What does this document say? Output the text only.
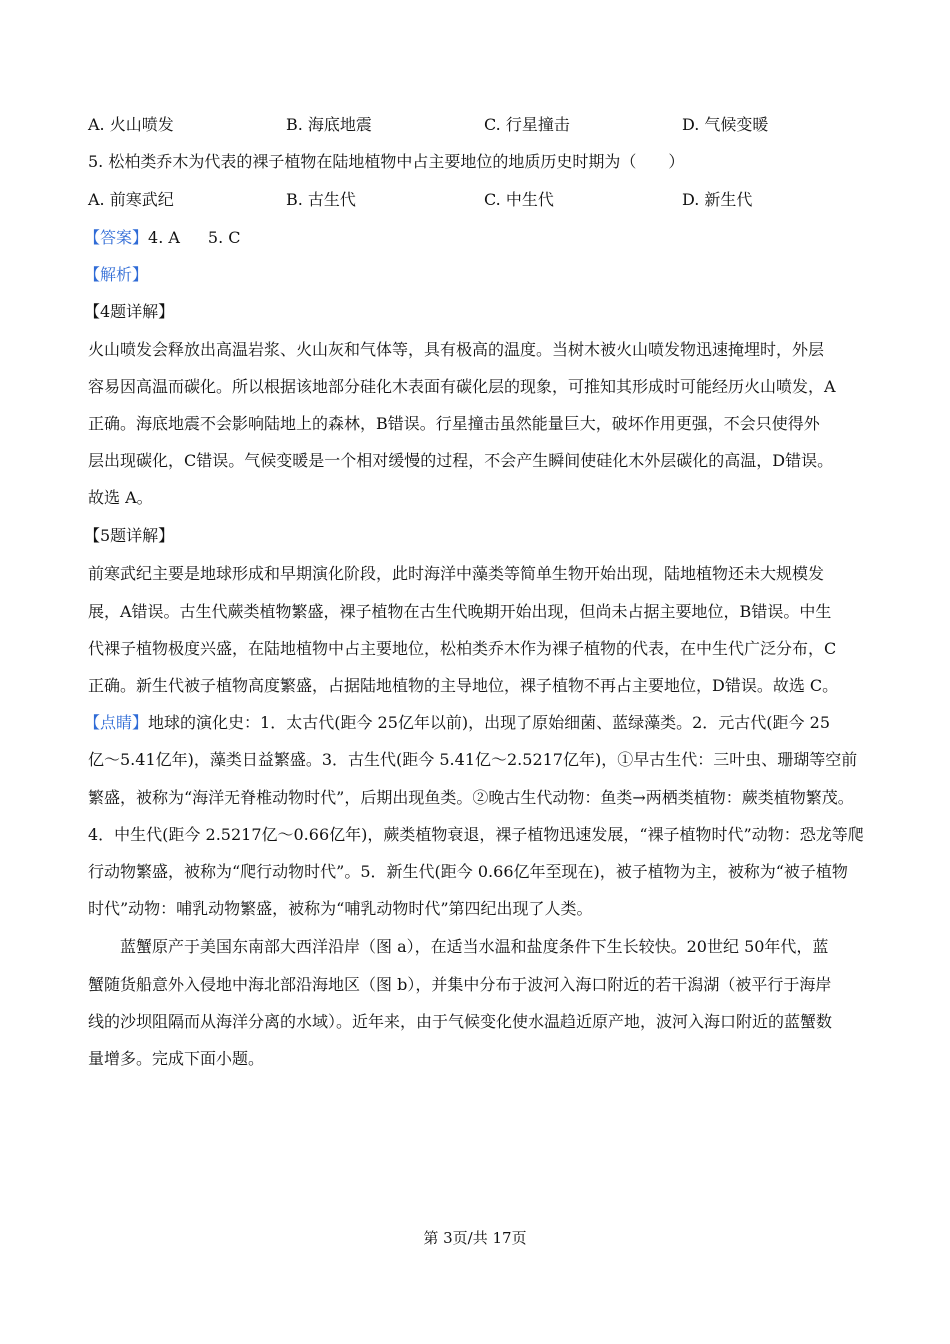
A. 火山喷发	B. 海底地震	C. 行星撞击	D. 气候变暖
5. 松柏类乔木为代表的裸子植物在陆地植物中占主要地位的地质历史时期为（　　）
A. 前寒武纪	B. 古生代	C. 中生代	D. 新生代
【答案】4. A 5. C
【解析】
【4题详解】
火山喷发会释放出高温岩浆、火山灰和气体等，具有极高的温度。当树木被火山喷发物迅速掩埋时，外层
容易因高温而碳化。所以根据该地部分硅化木表面有碳化层的现象，可推知其形成时可能经历火山喷发，A
正确。海底地震不会影响陆地上的森林，B错误。行星撞击虽然能量巨大，破坏作用更强，不会只使得外
层出现碳化，C错误。气候变暖是一个相对缓慢的过程，不会产生瞬间使硅化木外层碳化的高温，D错误。
故选 A。
【5题详解】
前寒武纪主要是地球形成和早期演化阶段，此时海洋中藻类等简单生物开始出现，陆地植物还未大规模发
展，A错误。古生代蕨类植物繁盛，裸子植物在古生代晚期开始出现，但尚未占据主要地位，B错误。中生
代裸子植物极度兴盛，在陆地植物中占主要地位，松柏类乔木作为裸子植物的代表，在中生代广泛分布，C
正确。新生代被子植物高度繁盛，占据陆地植物的主导地位，裸子植物不再占主要地位，D错误。故选 C。
【点睛】地球的演化史：1．太古代(距今 25亿年以前)，出现了原始细菌、蓝绿藻类。2．元古代(距今 25
亿～5.41亿年)，藻类日益繁盛。3．古生代(距今 5.41亿～2.5217亿年)，①早古生代：三叶虫、珊瑚等空前
繁盛，被称为“海洋无脊椎动物时代”，后期出现鱼类。②晚古生代动物：鱼类→两栖类植物：蕨类植物繁茂。
4．中生代(距今 2.5217亿～0.66亿年)，蕨类植物衰退，裸子植物迅速发展，“裸子植物时代”动物：恐龙等爬
行动物繁盛，被称为“爬行动物时代”。5．新生代(距今 0.66亿年至现在)，被子植物为主，被称为“被子植物
时代”动物：哺乳动物繁盛，被称为“哺乳动物时代”第四纪出现了人类。
蓝蟹原产于美国东南部大西洋沿岸（图 a），在适当水温和盐度条件下生长较快。20世纪 50年代，蓝
蟹随货船意外入侵地中海北部沿海地区（图 b），并集中分布于波河入海口附近的若干潟湖（被平行于海岸
线的沙坝阻隔而从海洋分离的水域）。近年来，由于气候变化使水温趋近原产地，波河入海口附近的蓝蟹数
量增多。完成下面小题。
第 3页/共 17页
